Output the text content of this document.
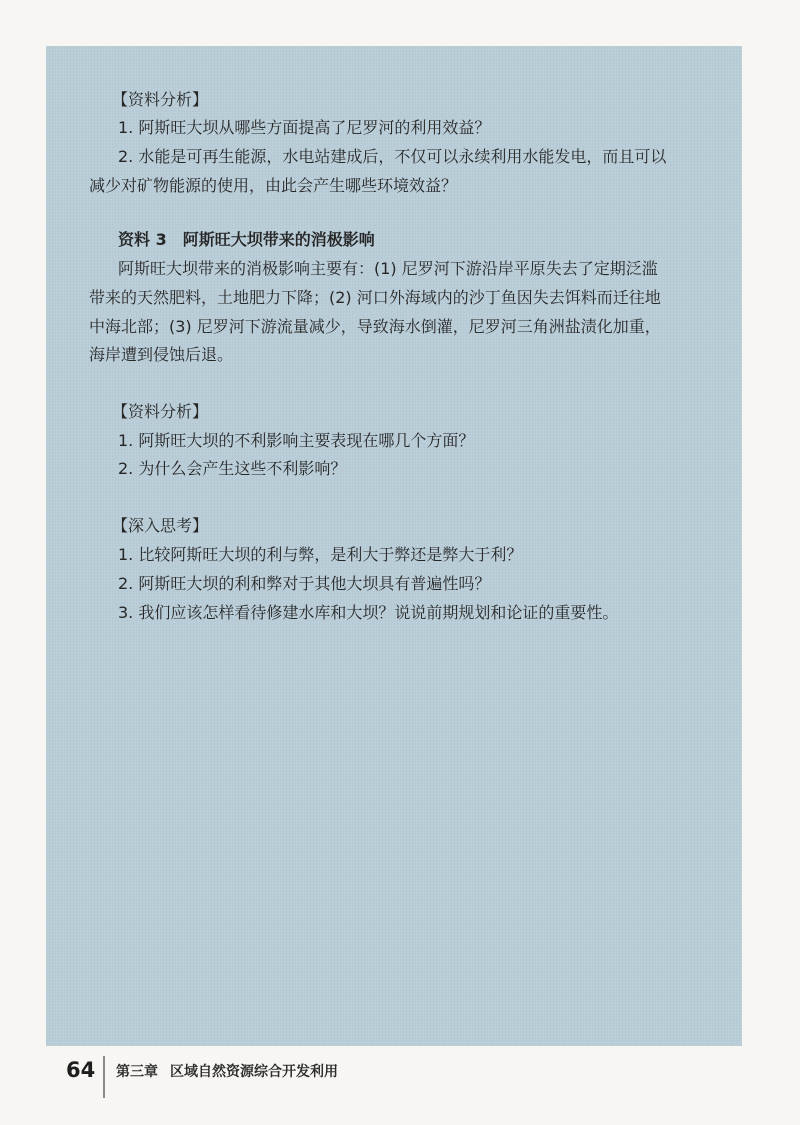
【资料分析】
1. 阿斯旺大坝从哪些方面提高了尼罗河的利用效益？
2. 水能是可再生能源，水电站建成后，不仅可以永续利用水能发电，而且可以
减少对矿物能源的使用，由此会产生哪些环境效益？
资料 3　阿斯旺大坝带来的消极影响
阿斯旺大坝带来的消极影响主要有：(1) 尼罗河下游沿岸平原失去了定期泛滥
带来的天然肥料，土地肥力下降；(2) 河口外海域内的沙丁鱼因失去饵料而迁往地
中海北部；(3) 尼罗河下游流量减少，导致海水倒灌，尼罗河三角洲盐渍化加重，
海岸遭到侵蚀后退。
【资料分析】
1. 阿斯旺大坝的不利影响主要表现在哪几个方面？
2. 为什么会产生这些不利影响？
【深入思考】
1. 比较阿斯旺大坝的利与弊，是利大于弊还是弊大于利？
2. 阿斯旺大坝的利和弊对于其他大坝具有普遍性吗？
3. 我们应该怎样看待修建水库和大坝？说说前期规划和论证的重要性。
64 第三章 区域自然资源综合开发利用
